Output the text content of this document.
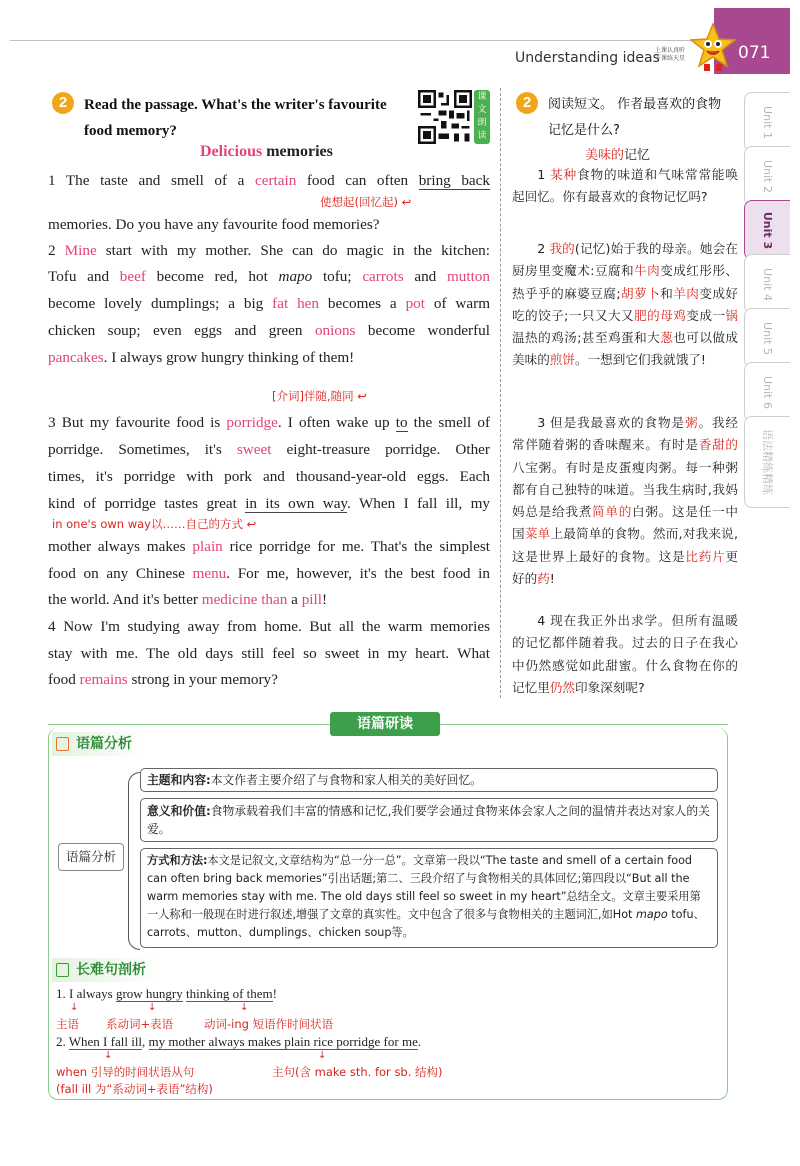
Understanding ideas
上课认真听
下课练天星	071
Unit 1
Unit 2
Unit 3
Unit 4
Unit 5
Unit 6
语法精练精练
2	Read the passage. What's the writer's favourite
food memory?
课文朗读
Delicious memories
1 The taste and smell of a certain food can often bring back
使想起(回忆起) ↩
memories. Do you have any favourite food memories?
2 Mine start with my mother. She can do magic in the kitchen:
Tofu and beef become red, hot mapo tofu; carrots and mutton
become lovely dumplings; a big fat hen becomes a pot of warm
chicken soup; even eggs and green onions become wonderful
pancakes. I always grow hungry thinking of them!
[介词]伴随,随同 ↩
3 But my favourite food is porridge. I often wake up to the smell of
porridge. Sometimes, it's sweet eight-treasure porridge. Other
times, it's porridge with pork and thousand-year-old eggs. Each
kind of porridge tastes great in its own way. When I fall ill, my
in one's own way以……自己的方式 ↩
mother always makes plain rice porridge for me. That's the simplest
food on any Chinese menu. For me, however, it's the best food in
the world. And it's better medicine than a pill!
4 Now I'm studying away from home. But all the warm memories
stay with me. The old days still feel so sweet in my heart. What
food remains strong in your memory?
2	阅读短文。 作者最喜欢的食物
记忆是什么?
美味的记忆
1 某种食物的味道和气味常常能唤起回忆。你有最喜欢的食物记忆吗?
2 我的(记忆)始于我的母亲。她会在厨房里变魔术:豆腐和牛肉变成红彤彤、热乎乎的麻婆豆腐;胡萝卜和羊肉变成好吃的饺子;一只又大又肥的母鸡变成一锅温热的鸡汤;甚至鸡蛋和大葱也可以做成美味的煎饼。一想到它们我就饿了!
3 但是我最喜欢的食物是粥。我经常伴随着粥的香味醒来。有时是香甜的八宝粥。有时是皮蛋瘦肉粥。每一种粥都有自己独特的味道。当我生病时,我妈妈总是给我煮简单的白粥。这是任一中国菜单上最简单的食物。然而,对我来说,这是世界上最好的食物。这是比药片更好的药!
4 现在我正外出求学。但所有温暖的记忆都伴随着我。过去的日子在我心中仍然感觉如此甜蜜。什么食物在你的记忆里仍然印象深刻呢?
语篇研读
语篇分析
语篇分析
主题和内容:本文作者主要介绍了与食物和家人相关的美好回忆。
意义和价值:食物承载着我们丰富的情感和记忆,我们要学会通过食物来体会家人之间的温情并表达对家人的关爱。
方式和方法:本文是记叙文,文章结构为“总一分一总”。文章第一段以“The taste and smell of a certain food can often bring back memories”引出话题;第二、三段介绍了与食物相关的具体回忆;第四段以“But all the warm memories stay with me. The old days still feel so sweet in my heart”总结全文。文章主要采用第一人称和一般现在时进行叙述,增强了文章的真实性。文中包含了很多与食物相关的主题词汇,如Hot mapo tofu、carrots、mutton、dumplings、chicken soup等。
长难句剖析
1. I always grow hungry thinking of them!
↓	↓	↓
主语 系动词+表语	动词-ing 短语作时间状语
2. When I fall ill, my mother always makes plain rice porridge for me.
↓	↓
when 引导的时间状语从句
(fall ill 为“系动词+表语”结构)
主句(含 make sth. for sb. 结构)
